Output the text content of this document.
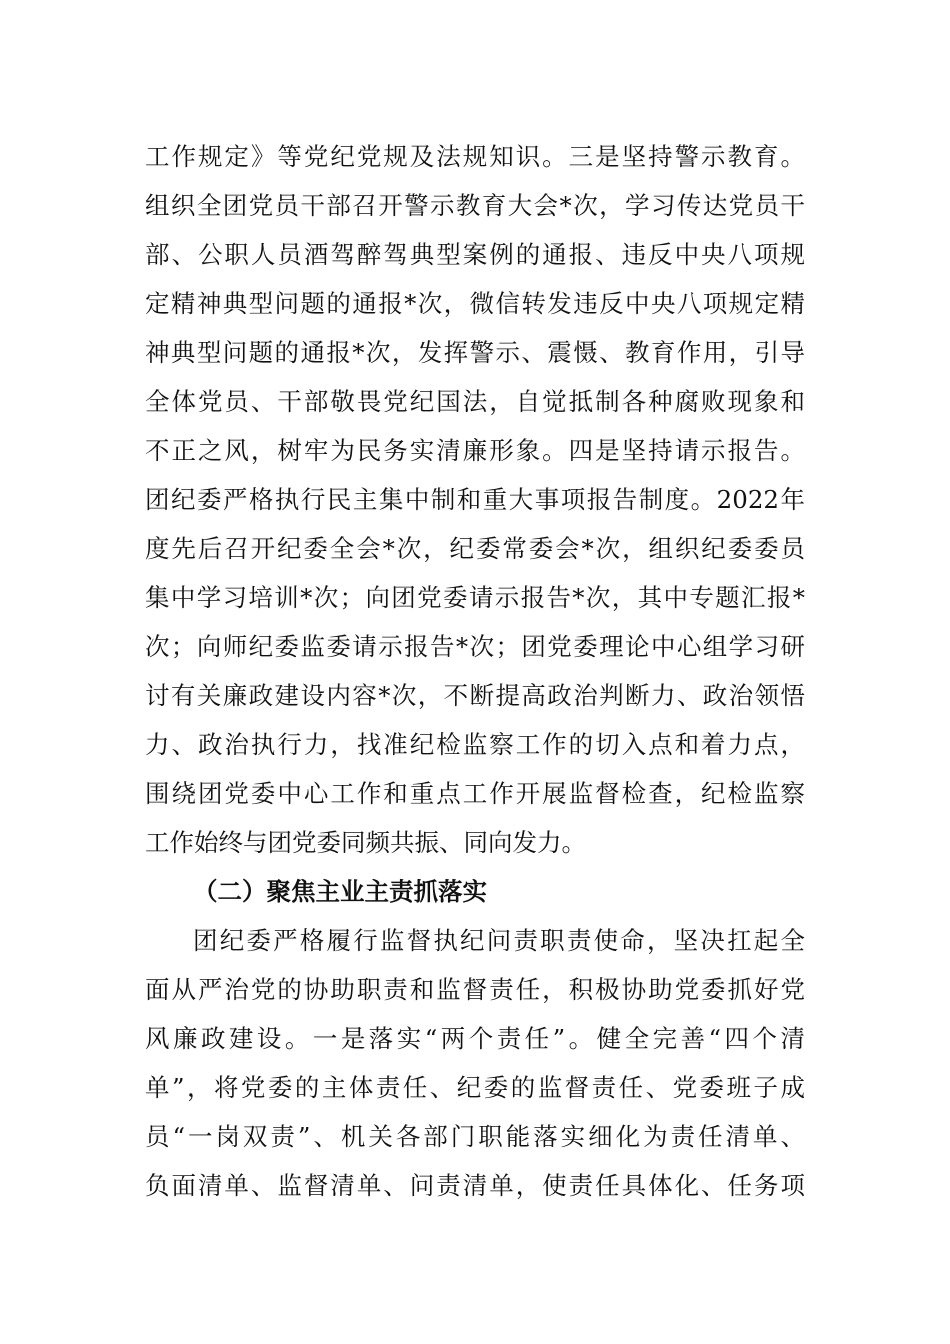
工作规定》等党纪党规及法规知识。三是坚持警示教育。
组织全团党员干部召开警示教育大会*次，学习传达党员干
部、公职人员酒驾醉驾典型案例的通报、违反中央八项规
定精神典型问题的通报*次，微信转发违反中央八项规定精
神典型问题的通报*次，发挥警示、震慑、教育作用，引导
全体党员、干部敬畏党纪国法，自觉抵制各种腐败现象和
不正之风，树牢为民务实清廉形象。四是坚持请示报告。
团纪委严格执行民主集中制和重大事项报告制度。2022年
度先后召开纪委全会*次，纪委常委会*次，组织纪委委员
集中学习培训*次；向团党委请示报告*次，其中专题汇报*
次；向师纪委监委请示报告*次；团党委理论中心组学习研
讨有关廉政建设内容*次，不断提高政治判断力、政治领悟
力、政治执行力，找准纪检监察工作的切入点和着力点，
围绕团党委中心工作和重点工作开展监督检查，纪检监察
工作始终与团党委同频共振、同向发力。
（二）聚焦主业主责抓落实
团纪委严格履行监督执纪问责职责使命，坚决扛起全
面从严治党的协助职责和监督责任，积极协助党委抓好党
风廉政建设。一是落实“两个责任”。健全完善“四个清
单”，将党委的主体责任、纪委的监督责任、党委班子成
员“一岗双责”、机关各部门职能落实细化为责任清单、
负面清单、监督清单、问责清单，使责任具体化、任务项
